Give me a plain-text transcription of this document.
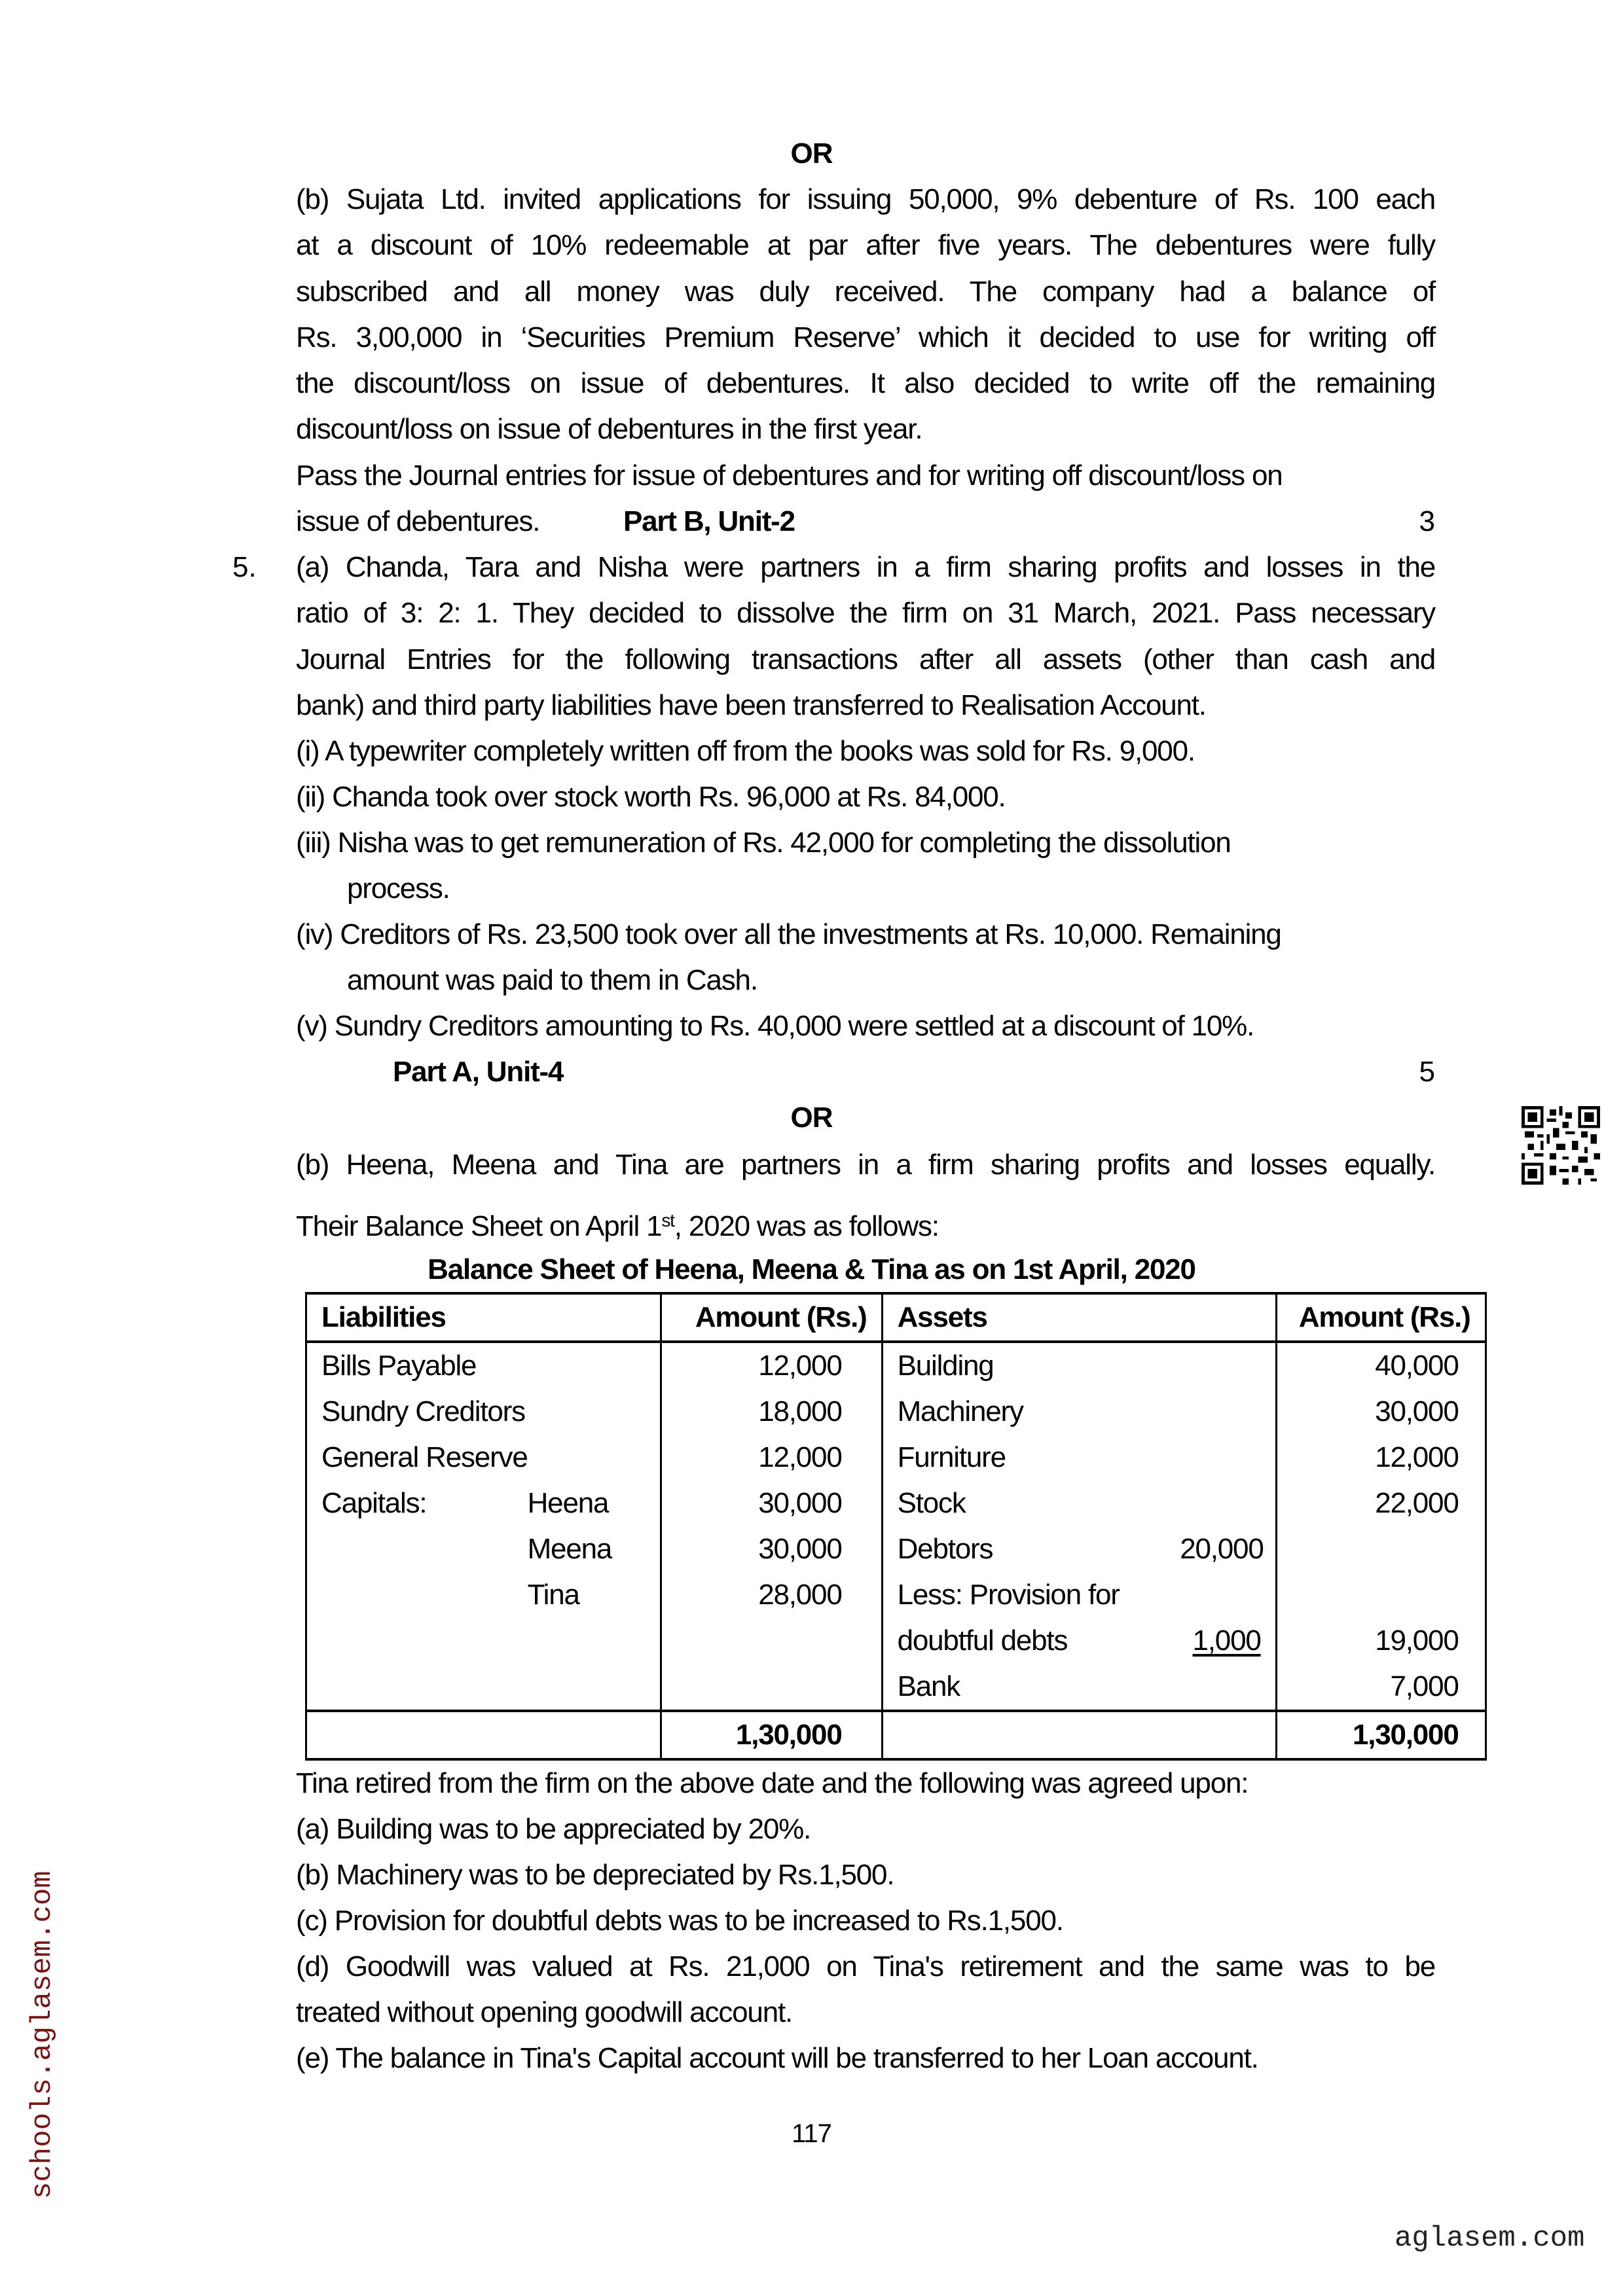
OR
(b) Sujata Ltd. invited applications for issuing 50,000, 9% debenture of Rs. 100 each
at a discount of 10% redeemable at par after five years. The debentures were fully
subscribed and all money was duly received. The company had a balance of
Rs. 3,00,000 in ‘Securities Premium Reserve’ which it decided to use for writing off
the discount/loss on issue of debentures. It also decided to write off the remaining
discount/loss on issue of debentures in the first year.
Pass the Journal entries for issue of debentures and for writing off discount/loss on
issue of debentures.	Part B, Unit-2	3
5. (a) Chanda, Tara and Nisha were partners in a firm sharing profits and losses in the
ratio of 3: 2: 1. They decided to dissolve the firm on 31 March, 2021. Pass necessary
Journal Entries for the following transactions after all assets (other than cash and
bank) and third party liabilities have been transferred to Realisation Account.
(i) A typewriter completely written off from the books was sold for Rs. 9,000.
(ii) Chanda took over stock worth Rs. 96,000 at Rs. 84,000.
(iii) Nisha was to get remuneration of Rs. 42,000 for completing the dissolution
process.
(iv) Creditors of Rs. 23,500 took over all the investments at Rs. 10,000. Remaining
amount was paid to them in Cash.
(v) Sundry Creditors amounting to Rs. 40,000 were settled at a discount of 10%.
Part A, Unit-4	5
OR
(b) Heena, Meena and Tina are partners in a firm sharing profits and losses equally.
Their Balance Sheet on April 1st, 2020 was as follows:
Balance Sheet of Heena, Meena & Tina as on 1st April, 2020
Liabilities	Amount (Rs.)	Assets	Amount (Rs.)

Bills Payable	12,000	Building	40,000

Sundry Creditors	18,000	Machinery	30,000

General Reserve	12,000	Furniture	12,000

Capitals: Heena	30,000	Stock	22,000

Meena	30,000	Debtors 20,000	

Tina	28,000	Less: Provision for	

		doubtful debts 1,000	19,000

		Bank	7,000
	1,30,000		1,30,000
Tina retired from the firm on the above date and the following was agreed upon:
(a) Building was to be appreciated by 20%.
(b) Machinery was to be depreciated by Rs.1,500.
(c) Provision for doubtful debts was to be increased to Rs.1,500.
(d) Goodwill was valued at Rs. 21,000 on Tina's retirement and the same was to be
treated without opening goodwill account.
(e) The balance in Tina's Capital account will be transferred to her Loan account.
117
aglasem.com
schools.aglasem.com
